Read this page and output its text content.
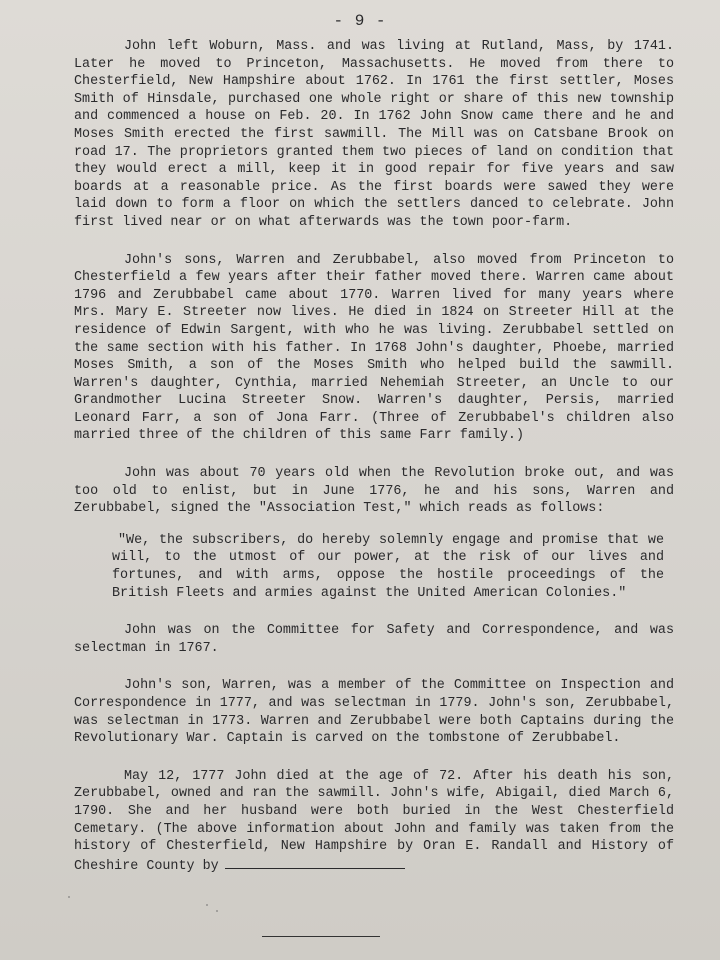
- 9 -

John left Woburn, Mass. and was living at Rutland, Mass, by 1741. Later he moved to Princeton, Massachusetts. He moved from there to Chesterfield, New Hampshire about 1762. In 1761 the first settler, Moses Smith of Hinsdale, purchased one whole right or share of this new township and commenced a house on Feb. 20. In 1762 John Snow came there and he and Moses Smith erected the first sawmill. The Mill was on Catsbane Brook on road 17. The proprietors granted them two pieces of land on condition that they would erect a mill, keep it in good repair for five years and saw boards at a reasonable price. As the first boards were sawed they were laid down to form a floor on which the settlers danced to celebrate. John first lived near or on what afterwards was the town poor-farm.

John's sons, Warren and Zerubbabel, also moved from Princeton to Chesterfield a few years after their father moved there. Warren came about 1796 and Zerubbabel came about 1770. Warren lived for many years where Mrs. Mary E. Streeter now lives. He died in 1824 on Streeter Hill at the residence of Edwin Sargent, with who he was living. Zerubbabel settled on the same section with his father. In 1768 John's daughter, Phoebe, married Moses Smith, a son of the Moses Smith who helped build the sawmill. Warren's daughter, Cynthia, married Nehemiah Streeter, an Uncle to our Grandmother Lucina Streeter Snow. Warren's daughter, Persis, married Leonard Farr, a son of Jona Farr. (Three of Zerubbabel's children also married three of the children of this same Farr family.)

John was about 70 years old when the Revolution broke out, and was too old to enlist, but in June 1776, he and his sons, Warren and Zerubbabel, signed the "Association Test," which reads as follows:

"We, the subscribers, do hereby solemnly engage and promise that we will, to the utmost of our power, at the risk of our lives and fortunes, and with arms, oppose the hostile proceedings of the British Fleets and armies against the United American Colonies."

John was on the Committee for Safety and Correspondence, and was selectman in 1767.

John's son, Warren, was a member of the Committee on Inspection and Correspondence in 1777, and was selectman in 1779. John's son, Zerubbabel, was selectman in 1773. Warren and Zerubbabel were both Captains during the Revolutionary War. Captain is carved on the tombstone of Zerubbabel.

May 12, 1777 John died at the age of 72. After his death his son, Zerubbabel, owned and ran the sawmill. John's wife, Abigail, died March 6, 1790. She and her husband were both buried in the West Chesterfield Cemetary. (The above information about John and family was taken from the history of Chesterfield, New Hampshire by Oran E. Randall and History of Cheshire County by
